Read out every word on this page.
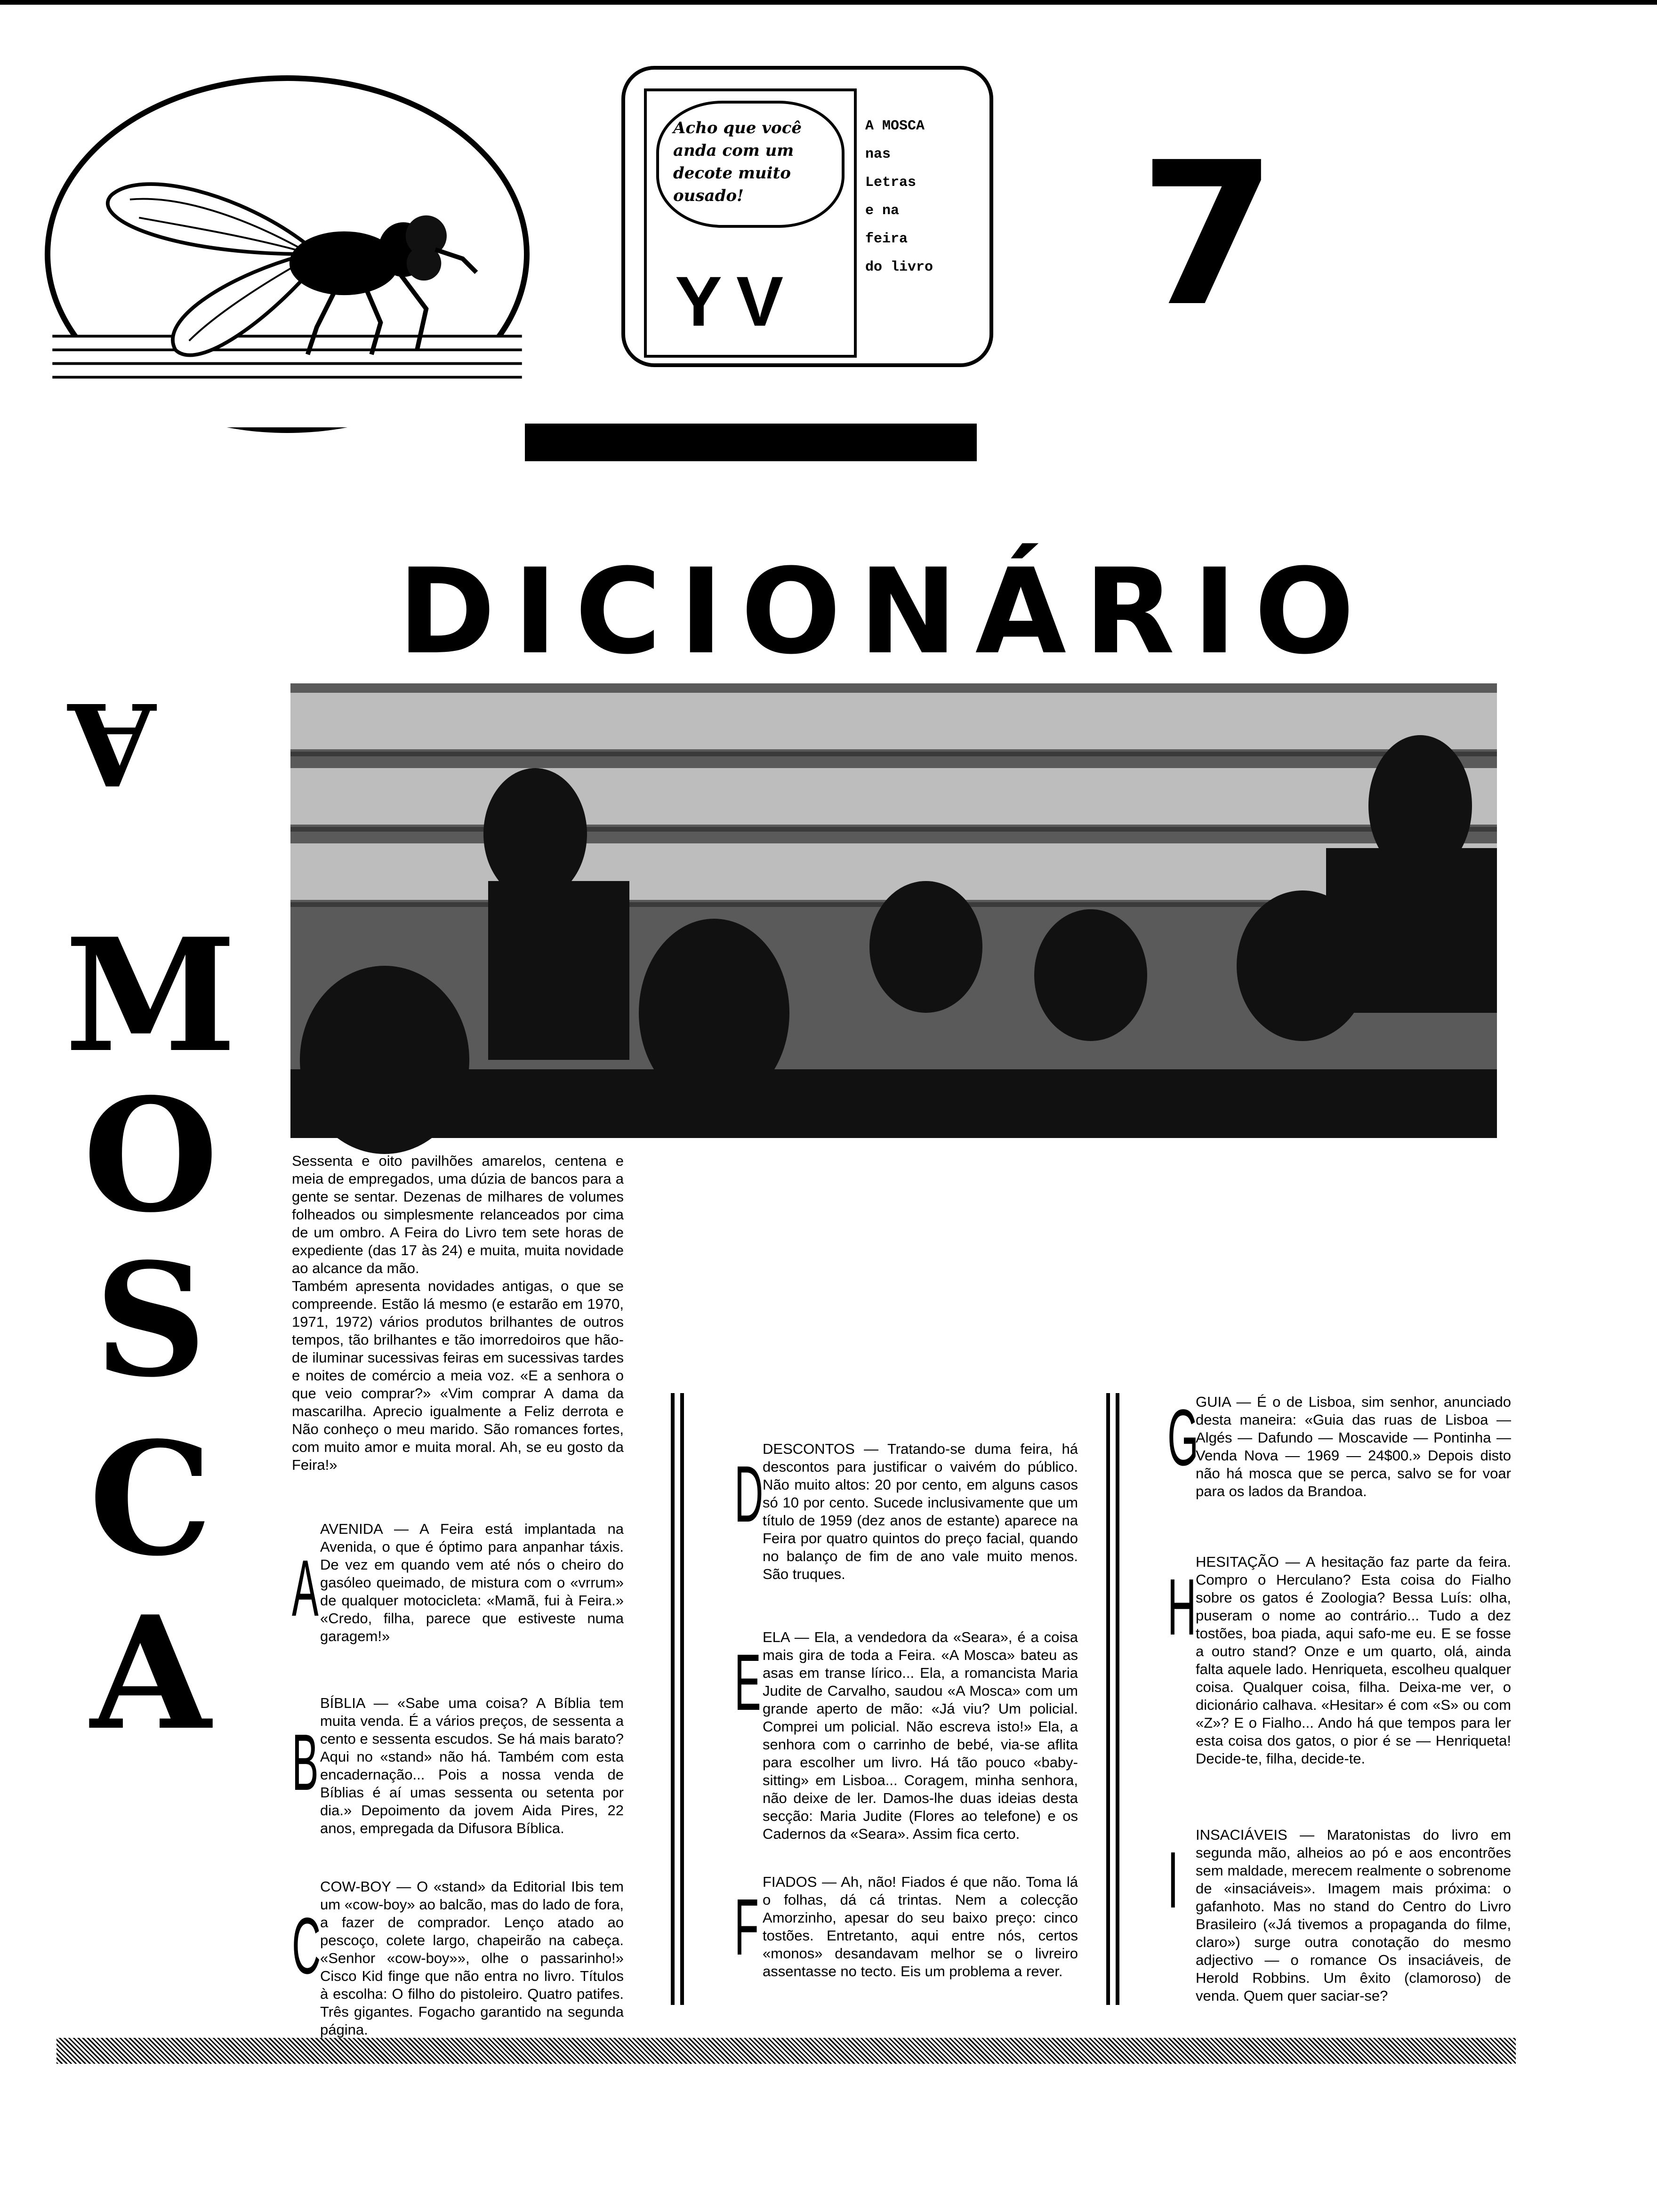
Acho que você anda com um decote muito ousado!
YV
A MOSCA
nas
Letras
e na
feira
do livro 7
DICIONÁRIO
A
M
O
S
C
A

Sessenta e oito pavilhões amarelos, centena e meia de empregados, uma dúzia de bancos para a gente se sentar. Dezenas de milhares de volumes folheados ou simplesmente relanceados por cima de um ombro. A Feira do Livro tem sete horas de expediente (das 17 às 24) e muita, muita novidade ao alcance da mão.

Também apresenta novidades antigas, o que se compreende. Estão lá mesmo (e estarão em 1970, 1971, 1972) vários produtos brilhantes de outros tempos, tão brilhantes e tão imorredoiros que hão-de iluminar sucessivas feiras em sucessivas tardes e noites de comércio a meia voz. «E a senhora o que veio comprar?» «Vim comprar A dama da mascarilha. Aprecio igualmente a Feliz derrota e Não conheço o meu marido. São romances fortes, com muito amor e muita moral. Ah, se eu gosto da Feira!»

A
AVENIDA — A Feira está implantada na Avenida, o que é óptimo para anpanhar táxis. De vez em quando vem até nós o cheiro do gasóleo queimado, de mistura com o «vrrum» de qualquer motocicleta: «Mamã, fui à Feira.» «Credo, filha, parece que estiveste numa garagem!»
B
BÍBLIA — «Sabe uma coisa? A Bíblia tem muita venda. É a vários preços, de sessenta a cento e sessenta escudos. Se há mais barato? Aqui no «stand» não há. Também com esta encadernação... Pois a nossa venda de Bíblias é aí umas sessenta ou setenta por dia.» Depoimento da jovem Aida Pires, 22 anos, empregada da Difusora Bíblica.
C
COW-BOY — O «stand» da Editorial Ibis tem um «cow-boy» ao balcão, mas do lado de fora, a fazer de comprador. Lenço atado ao pescoço, colete largo, chapeirão na cabeça. «Senhor «cow-boy»», olhe o passarinho!» Cisco Kid finge que não entra no livro. Títulos à escolha: O filho do pistoleiro. Quatro patifes. Três gigantes. Fogacho garantido na segunda página.
D
DESCONTOS — Tratando-se duma feira, há descontos para justificar o vaivém do público. Não muito altos: 20 por cento, em alguns casos só 10 por cento. Sucede inclusivamente que um título de 1959 (dez anos de estante) aparece na Feira por quatro quintos do preço facial, quando no balanço de fim de ano vale muito menos. São truques.
E
ELA — Ela, a vendedora da «Seara», é a coisa mais gira de toda a Feira. «A Mosca» bateu as asas em transe lírico... Ela, a romancista Maria Judite de Carvalho, saudou «A Mosca» com um grande aperto de mão: «Já viu? Um policial. Comprei um policial. Não escreva isto!» Ela, a senhora com o carrinho de bebé, via-se aflita para escolher um livro. Há tão pouco «baby-sitting» em Lisboa... Coragem, minha senhora, não deixe de ler. Damos-lhe duas ideias desta secção: Maria Judite (Flores ao telefone) e os Cadernos da «Seara». Assim fica certo.
F
FIADOS — Ah, não! Fiados é que não. Toma lá o folhas, dá cá trintas. Nem a colecção Amorzinho, apesar do seu baixo preço: cinco tostões. Entretanto, aqui entre nós, certos «monos» desandavam melhor se o livreiro assentasse no tecto. Eis um problema a rever.
G
GUIA — É o de Lisboa, sim senhor, anunciado desta maneira: «Guia das ruas de Lisboa — Algés — Dafundo — Moscavide — Pontinha — Venda Nova — 1969 — 24$00.» Depois disto não há mosca que se perca, salvo se for voar para os lados da Brandoa.
H
HESITAÇÃO — A hesitação faz parte da feira. Compro o Herculano? Esta coisa do Fialho sobre os gatos é Zoologia? Bessa Luís: olha, puseram o nome ao contrário... Tudo a dez tostões, boa piada, aqui safo-me eu. E se fosse a outro stand? Onze e um quarto, olá, ainda falta aquele lado. Henriqueta, escolheu qualquer coisa. Qualquer coisa, filha. Deixa-me ver, o dicionário calhava. «Hesitar» é com «S» ou com «Z»? E o Fialho... Ando há que tempos para ler esta coisa dos gatos, o pior é se — Henriqueta! Decide-te, filha, decide-te.
I
INSACIÁVEIS — Maratonistas do livro em segunda mão, alheios ao pó e aos encontrões sem maldade, merecem realmente o sobrenome de «insaciáveis». Imagem mais próxima: o gafanhoto. Mas no stand do Centro do Livro Brasileiro («Já tivemos a propaganda do filme, claro») surge outra conotação do mesmo adjectivo — o romance Os insaciáveis, de Herold Robbins. Um êxito (clamoroso) de venda. Quem quer saciar-se?
